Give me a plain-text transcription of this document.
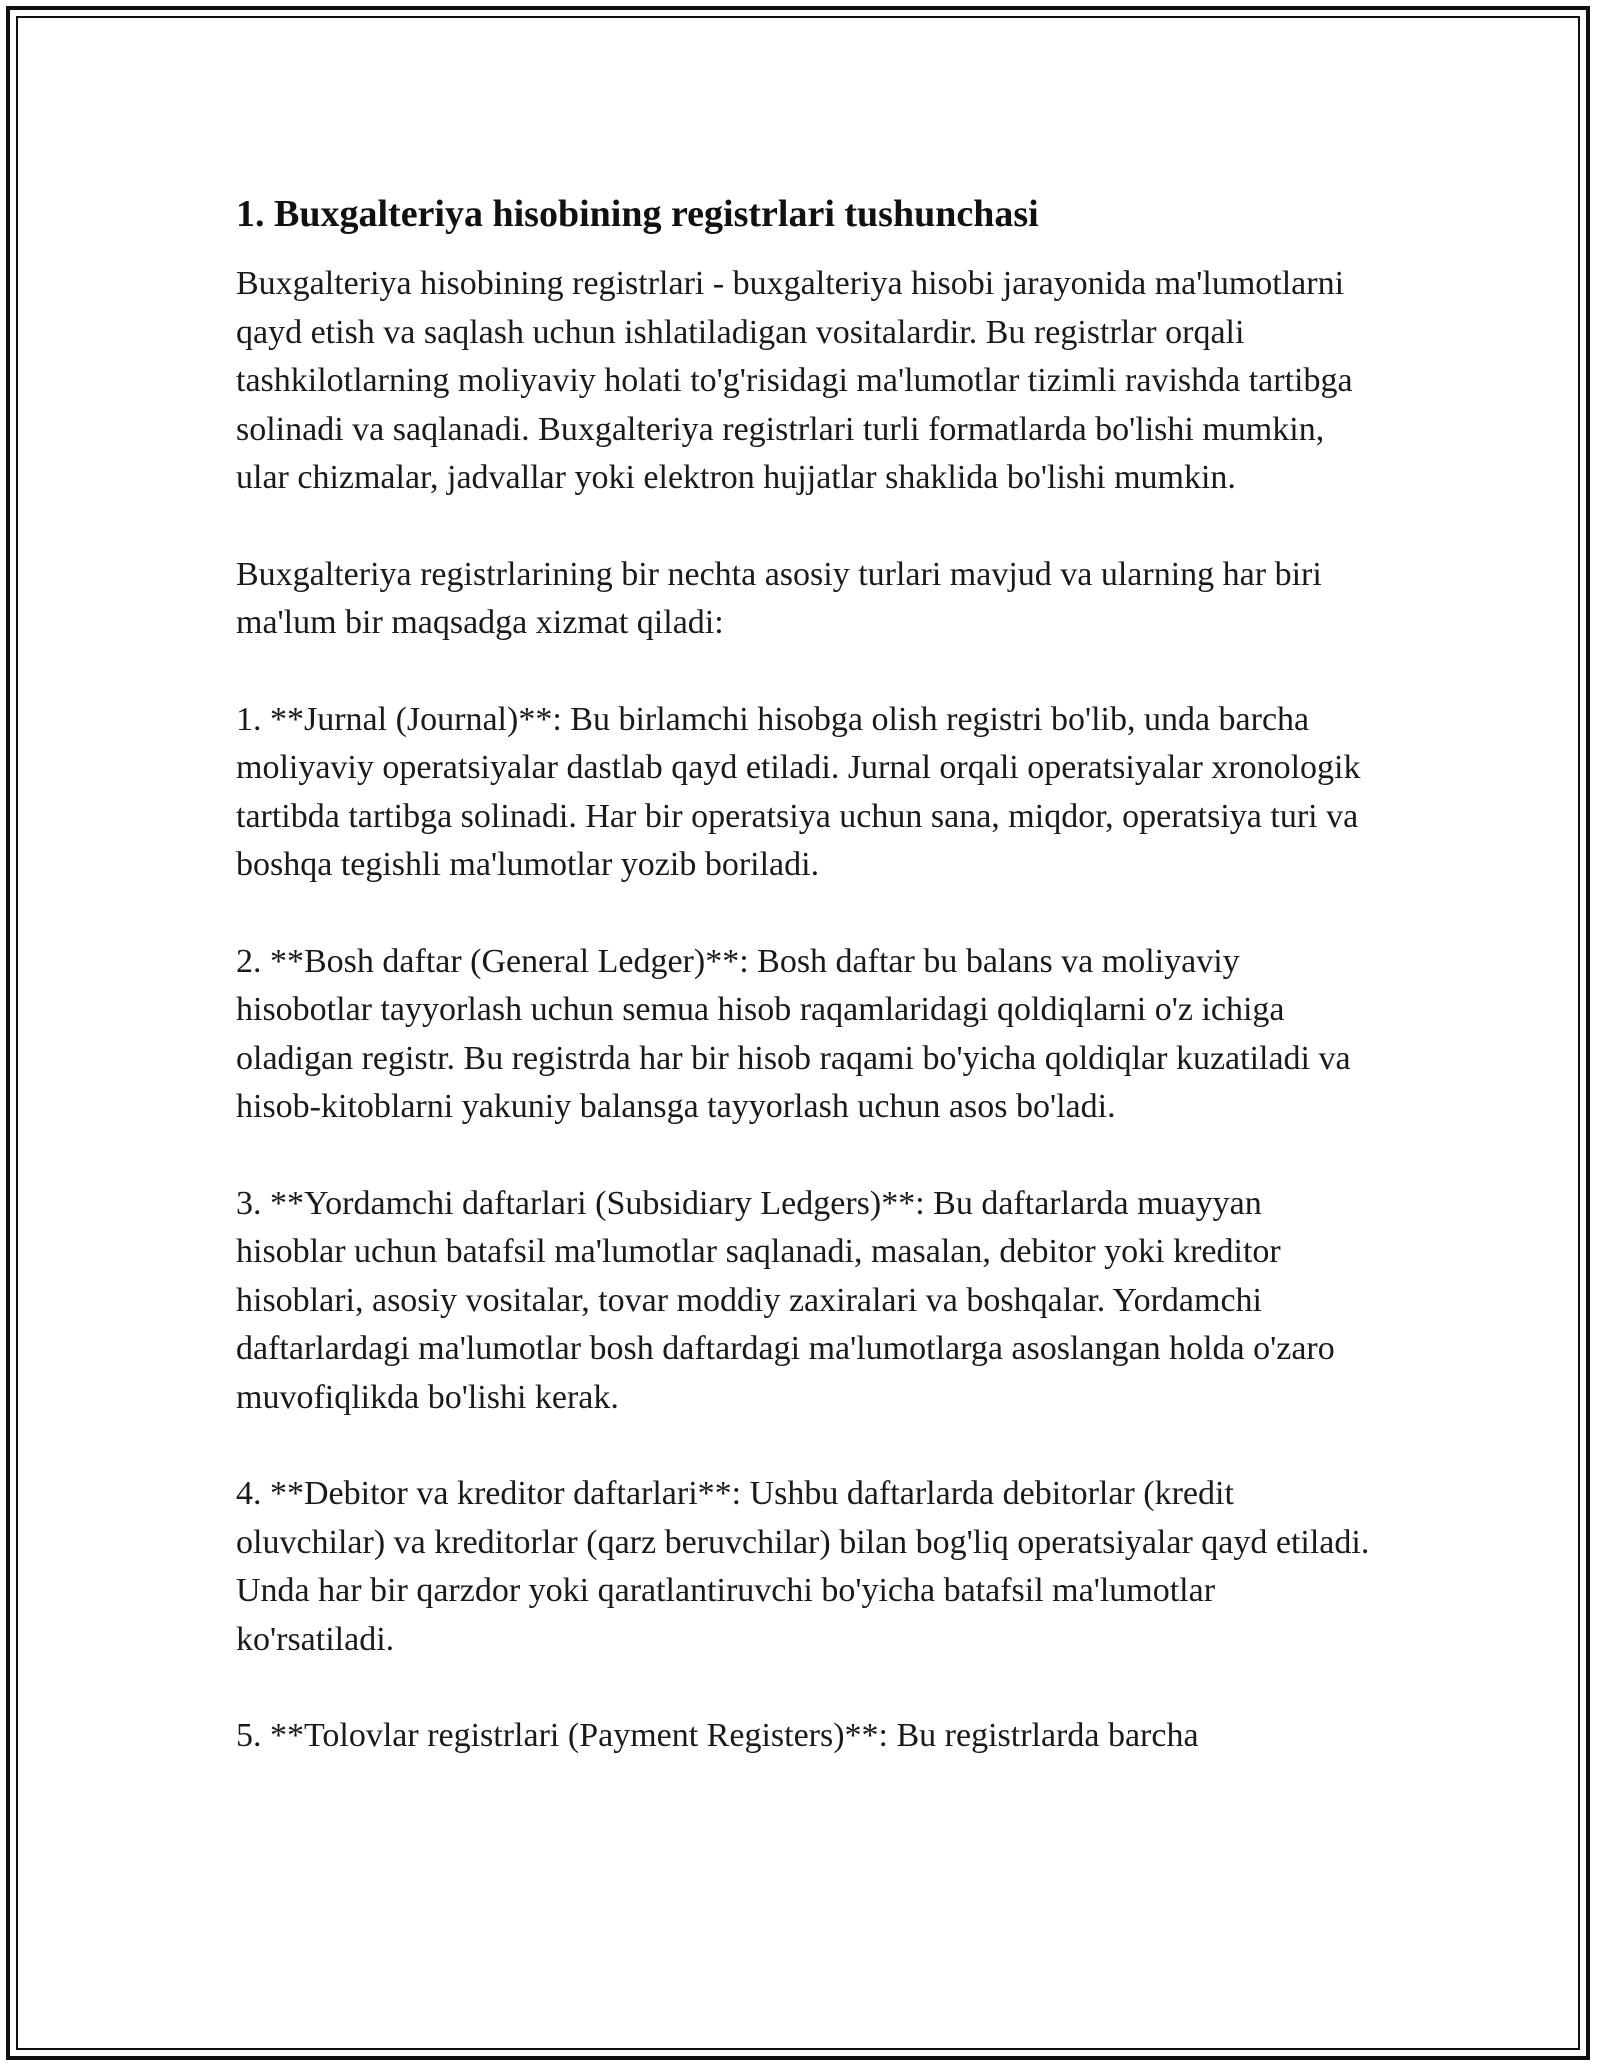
1. Buxgalteriya hisobining registrlari tushunchasi

Buxgalteriya hisobining registrlari - buxgalteriya hisobi jarayonida ma'lumotlarni qayd etish va saqlash uchun ishlatiladigan vositalardir. Bu registrlar orqali tashkilotlarning moliyaviy holati to'g'risidagi ma'lumotlar tizimli ravishda tartibga solinadi va saqlanadi. Buxgalteriya registrlari turli formatlarda bo'lishi mumkin, ular chizmalar, jadvallar yoki elektron hujjatlar shaklida bo'lishi mumkin.

Buxgalteriya registrlarining bir nechta asosiy turlari mavjud va ularning har biri ma'lum bir maqsadga xizmat qiladi:

1. **Jurnal (Journal)**: Bu birlamchi hisobga olish registri bo'lib, unda barcha moliyaviy operatsiyalar dastlab qayd etiladi. Jurnal orqali operatsiyalar xronologik tartibda tartibga solinadi. Har bir operatsiya uchun sana, miqdor, operatsiya turi va boshqa tegishli ma'lumotlar yozib boriladi.

2. **Bosh daftar (General Ledger)**: Bosh daftar bu balans va moliyaviy hisobotlar tayyorlash uchun semua hisob raqamlaridagi qoldiqlarni o'z ichiga oladigan registr. Bu registrda har bir hisob raqami bo'yicha qoldiqlar kuzatiladi va hisob-kitoblarni yakuniy balansga tayyorlash uchun asos bo'ladi.

3. **Yordamchi daftarlari (Subsidiary Ledgers)**: Bu daftarlarda muayyan hisoblar uchun batafsil ma'lumotlar saqlanadi, masalan, debitor yoki kreditor hisoblari, asosiy vositalar, tovar moddiy zaxiralari va boshqalar. Yordamchi daftarlardagi ma'lumotlar bosh daftardagi ma'lumotlarga asoslangan holda o'zaro muvofiqlikda bo'lishi kerak.

4. **Debitor va kreditor daftarlari**: Ushbu daftarlarda debitorlar (kredit oluvchilar) va kreditorlar (qarz beruvchilar) bilan bog'liq operatsiyalar qayd etiladi. Unda har bir qarzdor yoki qaratlantiruvchi bo'yicha batafsil ma'lumotlar ko'rsatiladi.

5. **Tolovlar registrlari (Payment Registers)**: Bu registrlarda barcha
